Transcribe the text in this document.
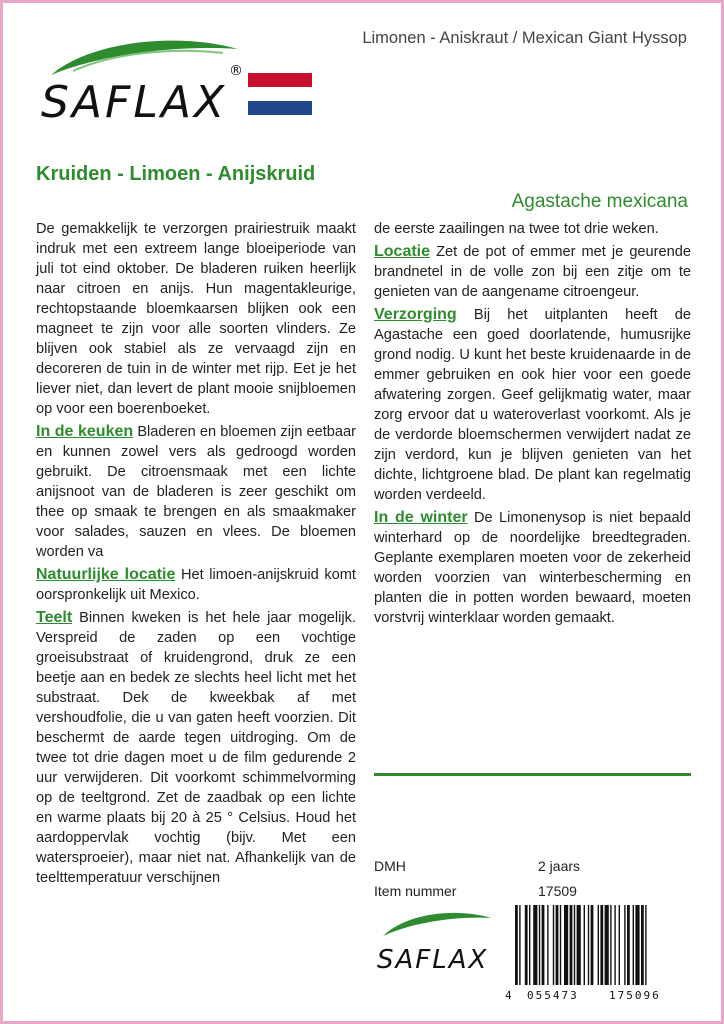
Limonen - Aniskraut / Mexican Giant Hyssop
SAFLAX
®
Kruiden - Limoen - Anijskruid
Agastache mexicana

De gemakkelijk te verzorgen prairiestruik maakt indruk met een extreem lange bloeiperiode van juli tot eind oktober. De bladeren ruiken heerlijk naar citroen en anijs. Hun magentakleurige, rechtopstaande bloemkaarsen blijken ook een magneet te zijn voor alle soorten vlinders. Ze blijven ook stabiel als ze vervaagd zijn en decoreren de tuin in de winter met rijp. Eet je het liever niet, dan levert de plant mooie snijbloemen op voor een boerenboeket.

In de keuken Bladeren en bloemen zijn eetbaar en kunnen zowel vers als gedroogd worden gebruikt. De citroensmaak met een lichte anijsnoot van de bladeren is zeer geschikt om thee op smaak te brengen en als smaakmaker voor salades, sauzen en vlees. De bloemen worden va

Natuurlijke locatie Het limoen-anijskruid komt oorspronkelijk uit Mexico.

Teelt Binnen kweken is het hele jaar mogelijk. Verspreid de zaden op een vochtige groeisubstraat of kruidengrond, druk ze een beetje aan en bedek ze slechts heel licht met het substraat. Dek de kweekbak af met vershoudfolie, die u van gaten heeft voorzien. Dit beschermt de aarde tegen uitdroging. Om de twee tot drie dagen moet u de film gedurende 2 uur verwijderen. Dit voorkomt schimmelvorming op de teeltgrond. Zet de zaadbak op een lichte en warme plaats bij 20 à 25 ° Celsius. Houd het aardoppervlak vochtig (bijv. Met een watersproeier), maar niet nat. Afhankelijk van de teelttemperatuur verschijnen

de eerste zaailingen na twee tot drie weken.

Locatie Zet de pot of emmer met je geurende brandnetel in de volle zon bij een zitje om te genieten van de aangename citroengeur.

Verzorging Bij het uitplanten heeft de Agastache een goed doorlatende, humusrijke grond nodig. U kunt het beste kruidenaarde in de emmer gebruiken en ook hier voor een goede afwatering zorgen. Geef gelijkmatig water, maar zorg ervoor dat u wateroverlast voorkomt. Als je de verdorde bloemschermen verwijdert nadat ze zijn verdord, kun je blijven genieten van het dichte, lichtgroene blad. De plant kan regelmatig worden verdeeld.

In de winter De Limonenysop is niet bepaald winterhard op de noordelijke breedtegraden. Geplante exemplaren moeten voor de zekerheid worden voorzien van winterbescherming en planten die in potten worden bewaard, moeten vorstvrij winterklaar worden gemaakt.

DMH	2 jaars
Item nummer	17509
SAFLAX
4 055473	175096
